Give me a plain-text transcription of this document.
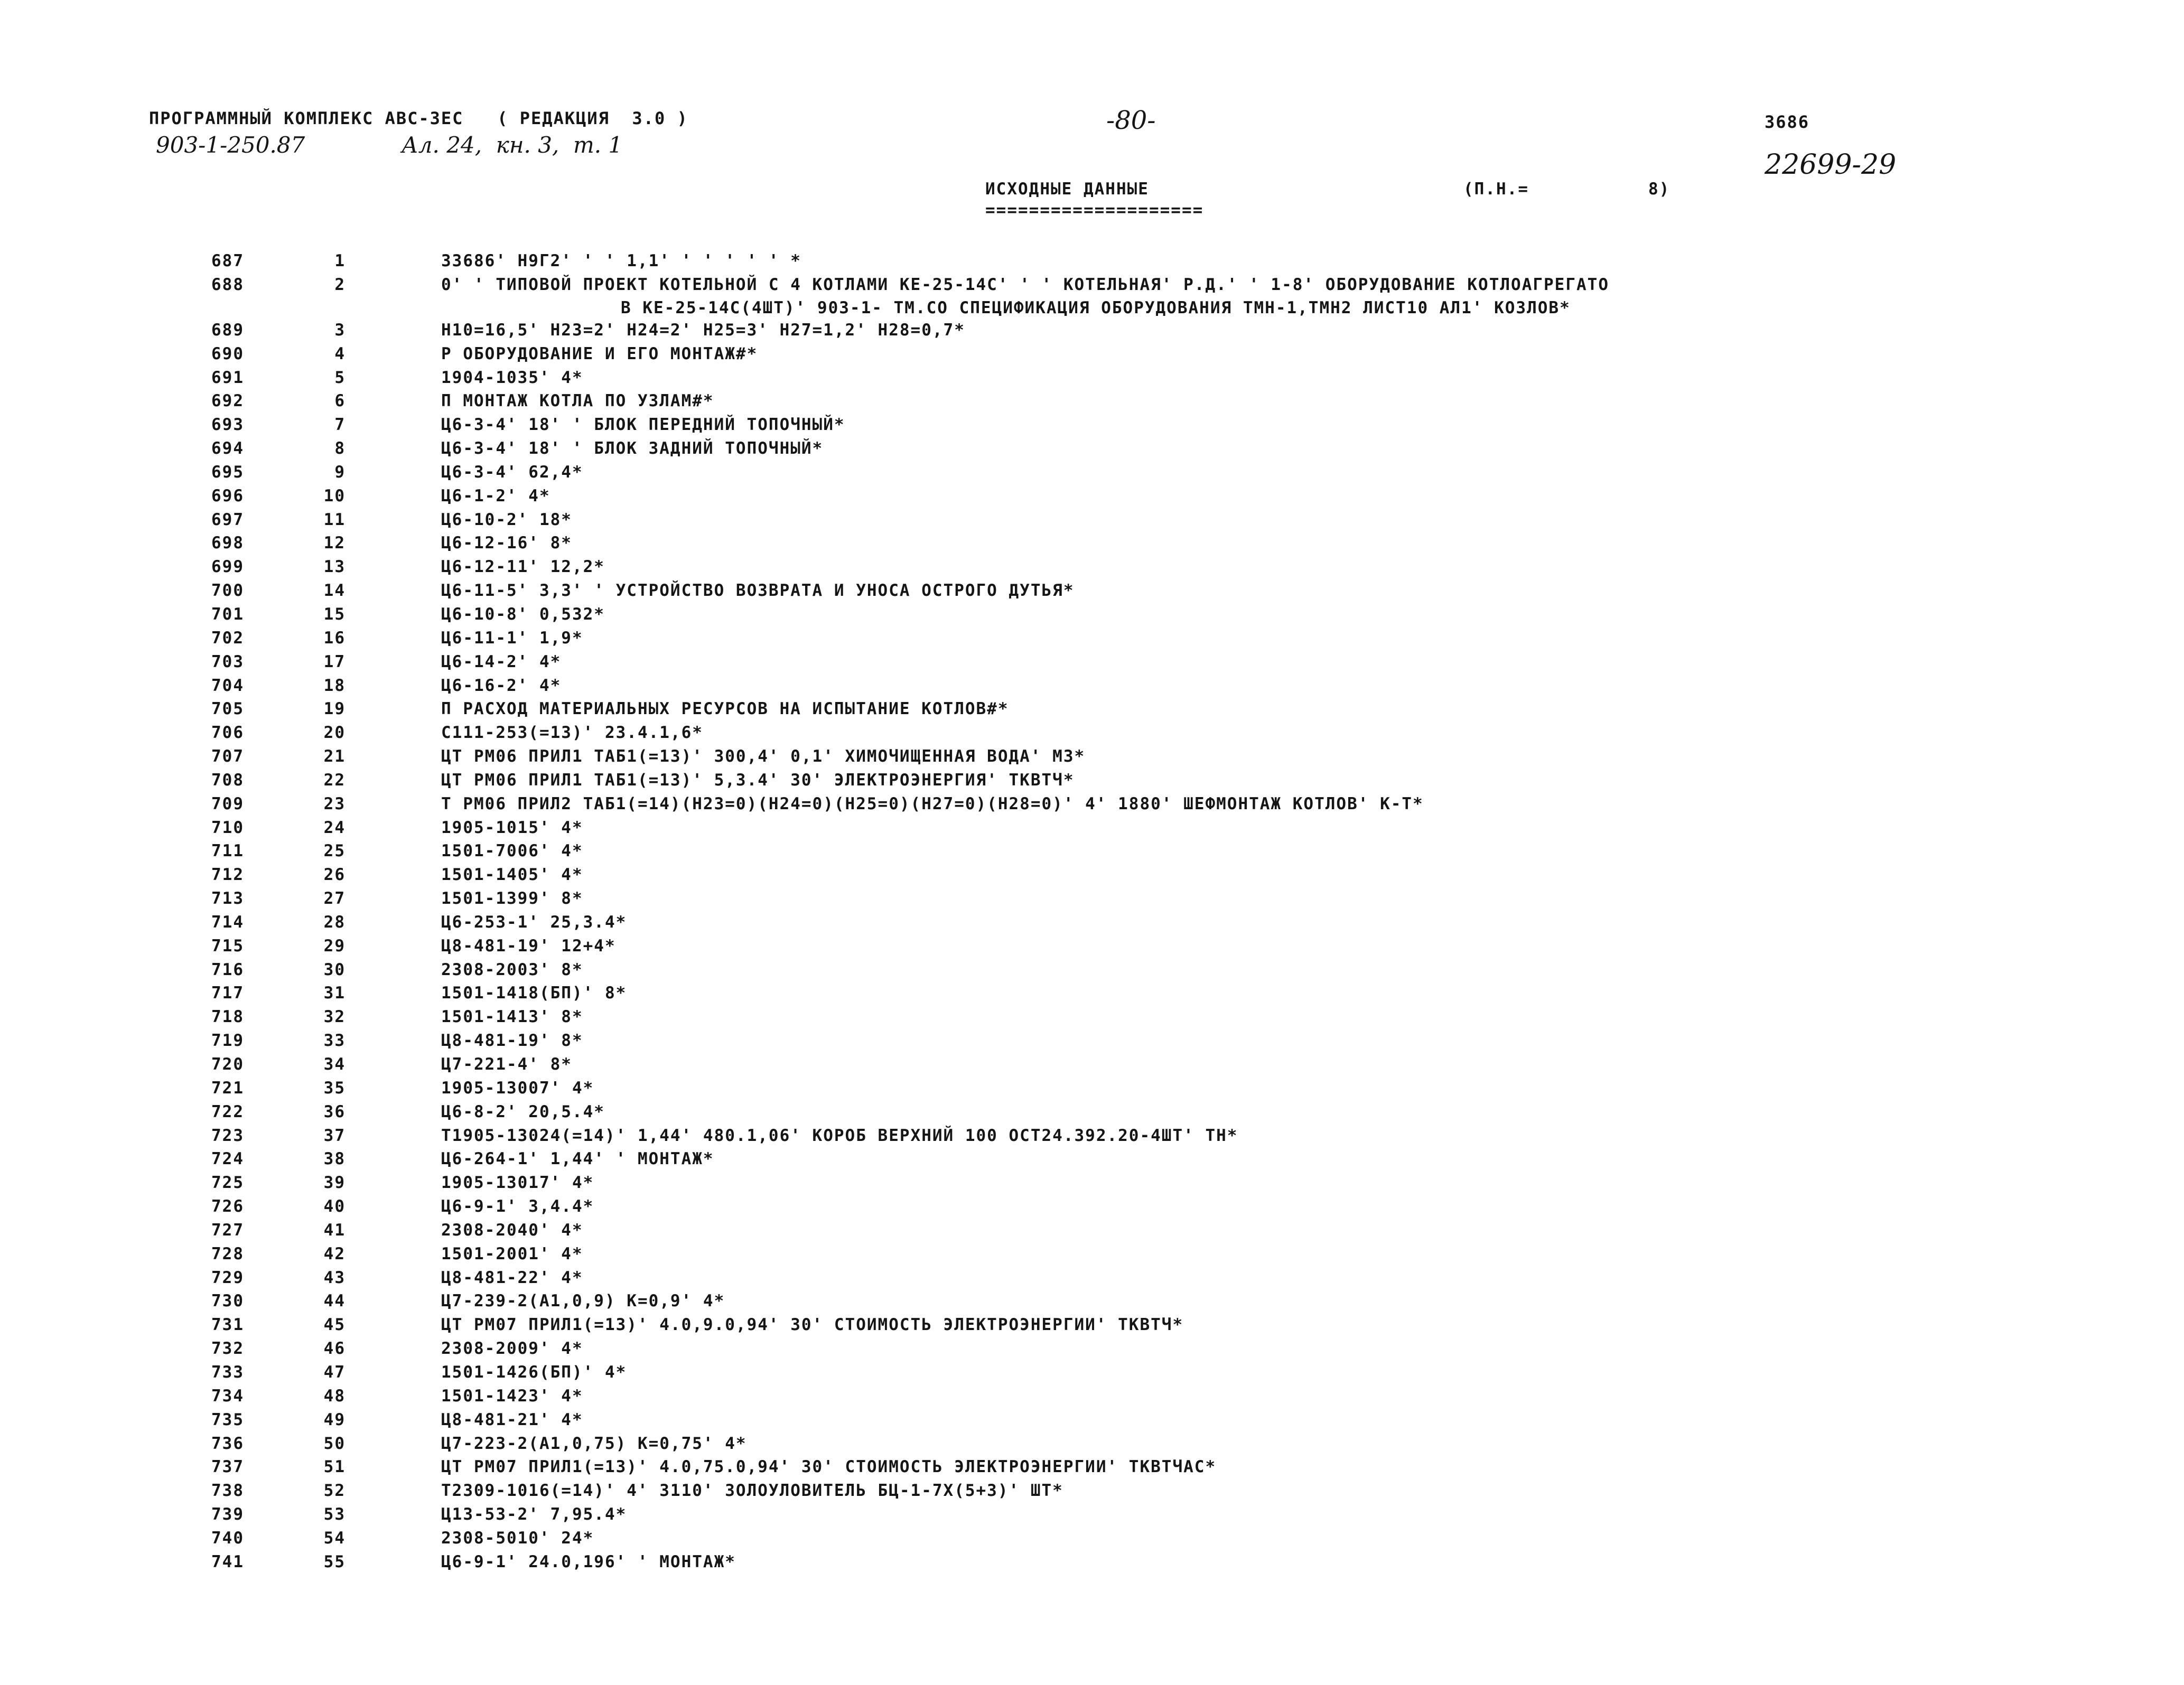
ПРОГРАММНЫЙ КОМПЛЕКС АВС-3ЕС   ( РЕДАКЦИЯ  3.0 )	-80-	3686
903-1-250.87	Ал. 24,  кн. 3,  т. 1
22699-29
ИСХОДНЫЕ ДАННЫЕ
====================
(П.Н.=	8)
687	1	33686' Н9Г2' ' ' 1,1' ' ' ' ' ' *
688	2	0' ' ТИПОВОЙ ПРОЕКТ КОТЕЛЬНОЙ С 4 КОТЛАМИ КЕ-25-14С' ' ' КОТЕЛЬНАЯ' Р.Д.' ' 1-8' ОБОРУДОВАНИЕ КОТЛОАГРЕГАТО
В КЕ-25-14С(4ШТ)' 903-1- ТМ.СО СПЕЦИФИКАЦИЯ ОБОРУДОВАНИЯ ТМН-1,ТМН2 ЛИСТ10 АЛ1' КОЗЛОВ*
689	3	Н10=16,5' Н23=2' Н24=2' Н25=3' Н27=1,2' Н28=0,7*
690	4	Р ОБОРУДОВАНИЕ И ЕГО МОНТАЖ#*
691	5	1904-1035' 4*
692	6	П МОНТАЖ КОТЛА ПО УЗЛАМ#*
693	7	Ц6-3-4' 18' ' БЛОК ПЕРЕДНИЙ ТОПОЧНЫЙ*
694	8	Ц6-3-4' 18' ' БЛОК ЗАДНИЙ ТОПОЧНЫЙ*
695	9	Ц6-3-4' 62,4*
696	10	Ц6-1-2' 4*
697	11	Ц6-10-2' 18*
698	12	Ц6-12-16' 8*
699	13	Ц6-12-11' 12,2*
700	14	Ц6-11-5' 3,3' ' УСТРОЙСТВО ВОЗВРАТА И УНОСА ОСТРОГО ДУТЬЯ*
701	15	Ц6-10-8' 0,532*
702	16	Ц6-11-1' 1,9*
703	17	Ц6-14-2' 4*
704	18	Ц6-16-2' 4*
705	19	П РАСХОД МАТЕРИАЛЬНЫХ РЕСУРСОВ НА ИСПЫТАНИЕ КОТЛОВ#*
706	20	С111-253(=13)' 23.4.1,6*
707	21	ЦТ РМ06 ПРИЛ1 ТАБ1(=13)' 300,4' 0,1' ХИМОЧИЩЕННАЯ ВОДА' М3*
708	22	ЦТ РМ06 ПРИЛ1 ТАБ1(=13)' 5,3.4' 30' ЭЛЕКТРОЭНЕРГИЯ' ТКВТЧ*
709	23	Т РМ06 ПРИЛ2 ТАБ1(=14)(Н23=0)(Н24=0)(Н25=0)(Н27=0)(Н28=0)' 4' 1880' ШЕФМОНТАЖ КОТЛОВ' К-Т*
710	24	1905-1015' 4*
711	25	1501-7006' 4*
712	26	1501-1405' 4*
713	27	1501-1399' 8*
714	28	Ц6-253-1' 25,3.4*
715	29	Ц8-481-19' 12+4*
716	30	2308-2003' 8*
717	31	1501-1418(БП)' 8*
718	32	1501-1413' 8*
719	33	Ц8-481-19' 8*
720	34	Ц7-221-4' 8*
721	35	1905-13007' 4*
722	36	Ц6-8-2' 20,5.4*
723	37	Т1905-13024(=14)' 1,44' 480.1,06' КОРОБ ВЕРХНИЙ 100 ОСТ24.392.20-4ШТ' ТН*
724	38	Ц6-264-1' 1,44' ' МОНТАЖ*
725	39	1905-13017' 4*
726	40	Ц6-9-1' 3,4.4*
727	41	2308-2040' 4*
728	42	1501-2001' 4*
729	43	Ц8-481-22' 4*
730	44	Ц7-239-2(А1,0,9) К=0,9' 4*
731	45	ЦТ РМ07 ПРИЛ1(=13)' 4.0,9.0,94' 30' СТОИМОСТЬ ЭЛЕКТРОЭНЕРГИИ' ТКВТЧ*
732	46	2308-2009' 4*
733	47	1501-1426(БП)' 4*
734	48	1501-1423' 4*
735	49	Ц8-481-21' 4*
736	50	Ц7-223-2(А1,0,75) К=0,75' 4*
737	51	ЦТ РМ07 ПРИЛ1(=13)' 4.0,75.0,94' 30' СТОИМОСТЬ ЭЛЕКТРОЭНЕРГИИ' ТКВТЧАС*
738	52	Т2309-1016(=14)' 4' 3110' ЗОЛОУЛОВИТЕЛЬ БЦ-1-7Х(5+3)' ШТ*
739	53	Ц13-53-2' 7,95.4*
740	54	2308-5010' 24*
741	55	Ц6-9-1' 24.0,196' ' МОНТАЖ*
